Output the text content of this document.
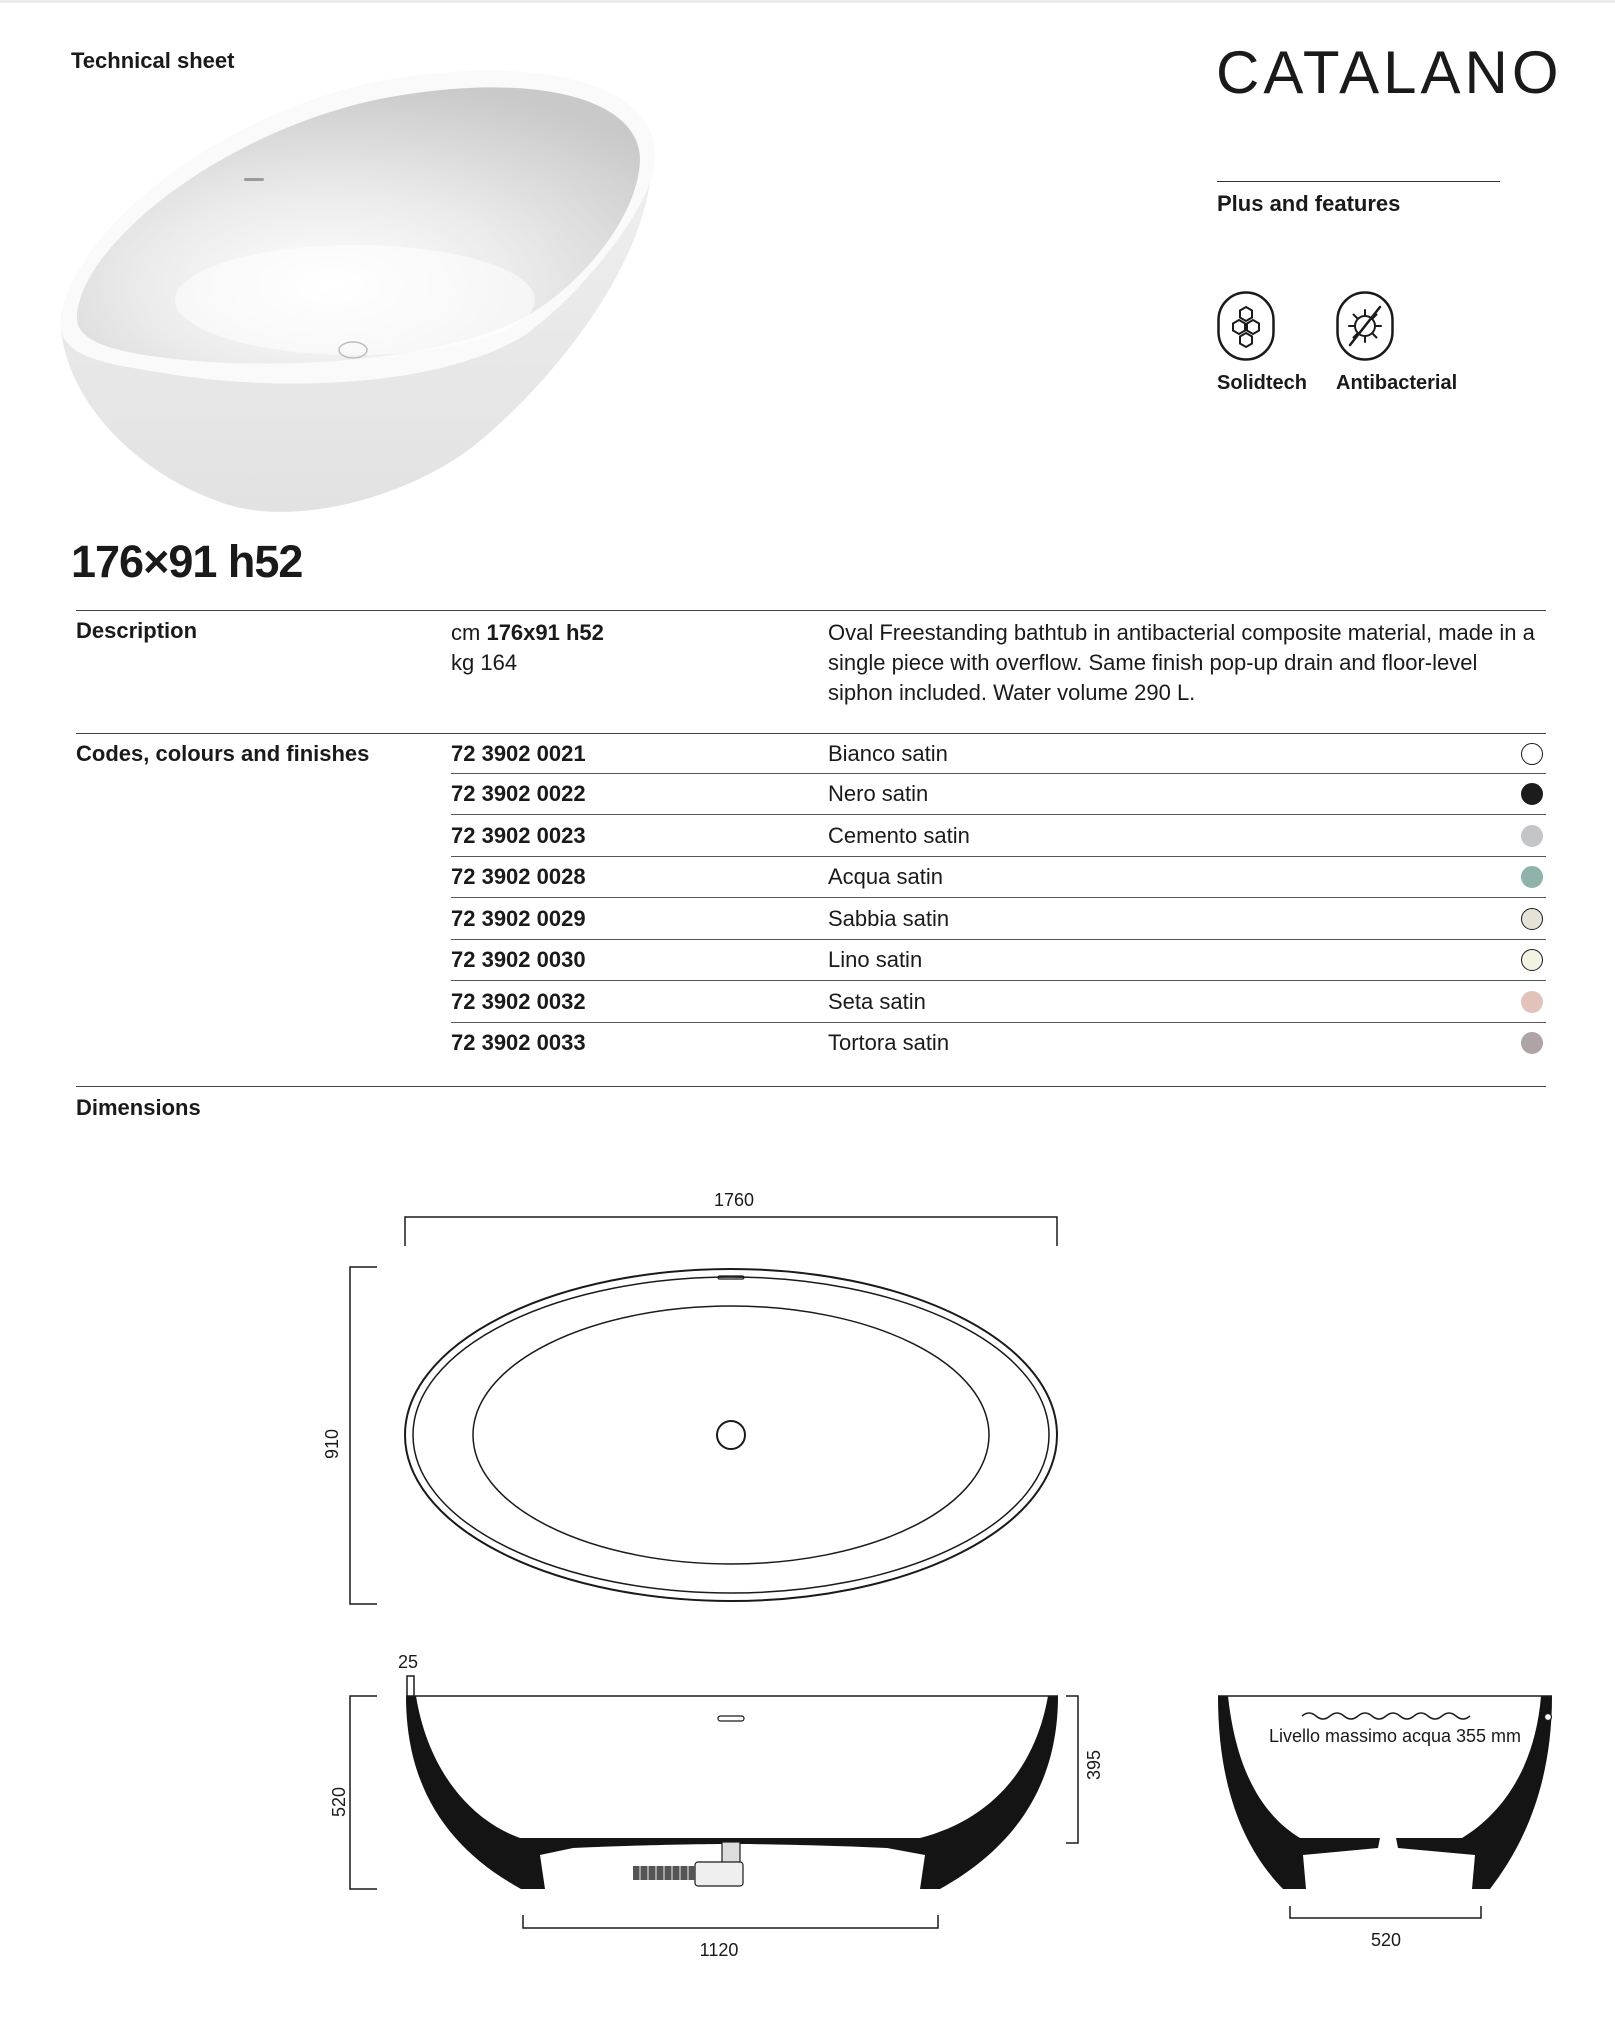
Technical sheet	CATALANO
Plus and features
Solidtech Antibacterial
176×91 h52
Description	cm 176x91 h52
kg 164
Oval Freestanding bathtub in antibacterial composite material, made in a single piece with overflow. Same finish pop-up drain and floor-level siphon included. Water volume 290 L.
Codes, colours and finishes	72 3902 0021	Bianco satin
72 3902 0022	Nero satin
72 3902 0023	Cemento satin
72 3902 0028	Acqua satin
72 3902 0029	Sabbia satin
72 3902 0030	Lino satin
72 3902 0032	Seta satin
72 3902 0033	Tortora satin
Dimensions
1760
910
25
520
395
1120
Livello massimo acqua 355 mm
520
